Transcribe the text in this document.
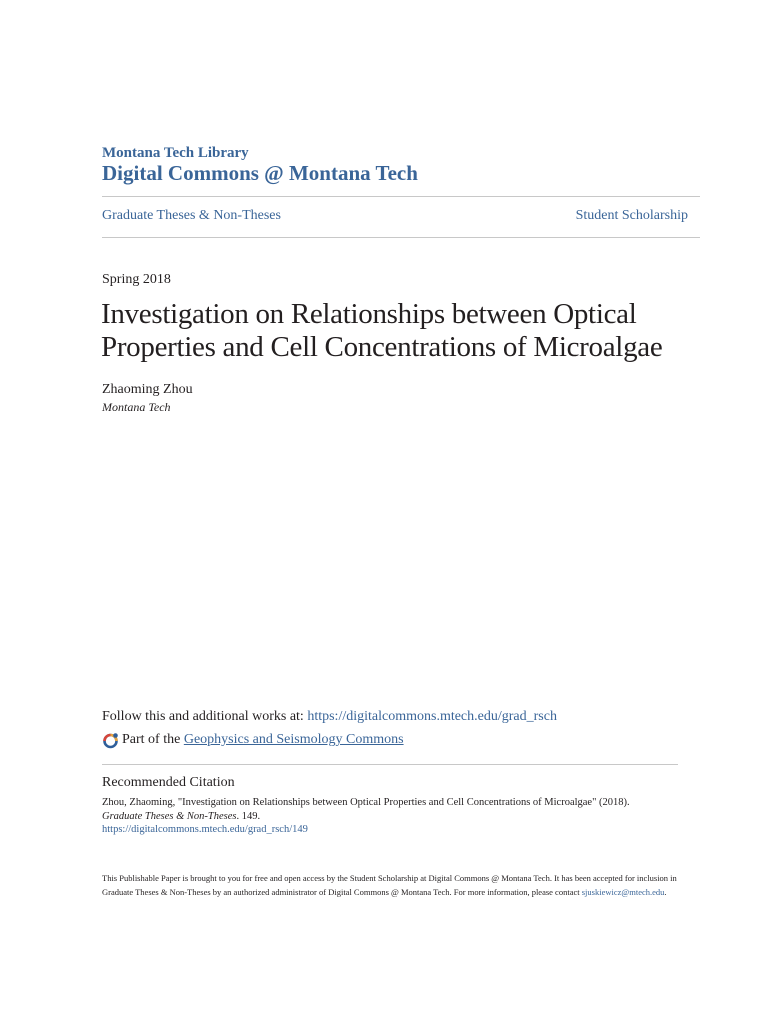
Montana Tech Library
Digital Commons @ Montana Tech
Graduate Theses & Non-Theses	Student Scholarship
Spring 2018
Investigation on Relationships between Optical Properties and Cell Concentrations of Microalgae
Zhaoming Zhou
Montana Tech
Follow this and additional works at: https://digitalcommons.mtech.edu/grad_rsch
Part of the
Geophysics and Seismology Commons
Recommended Citation
Zhou, Zhaoming, "Investigation on Relationships between Optical Properties and Cell Concentrations of Microalgae" (2018).
Graduate Theses & Non-Theses. 149.
https://digitalcommons.mtech.edu/grad_rsch/149
This Publishable Paper is brought to you for free and open access by the Student Scholarship at Digital Commons @ Montana Tech. It has been accepted for inclusion in Graduate Theses & Non-Theses by an authorized administrator of Digital Commons @ Montana Tech. For more information, please contact sjuskiewicz@mtech.edu.
